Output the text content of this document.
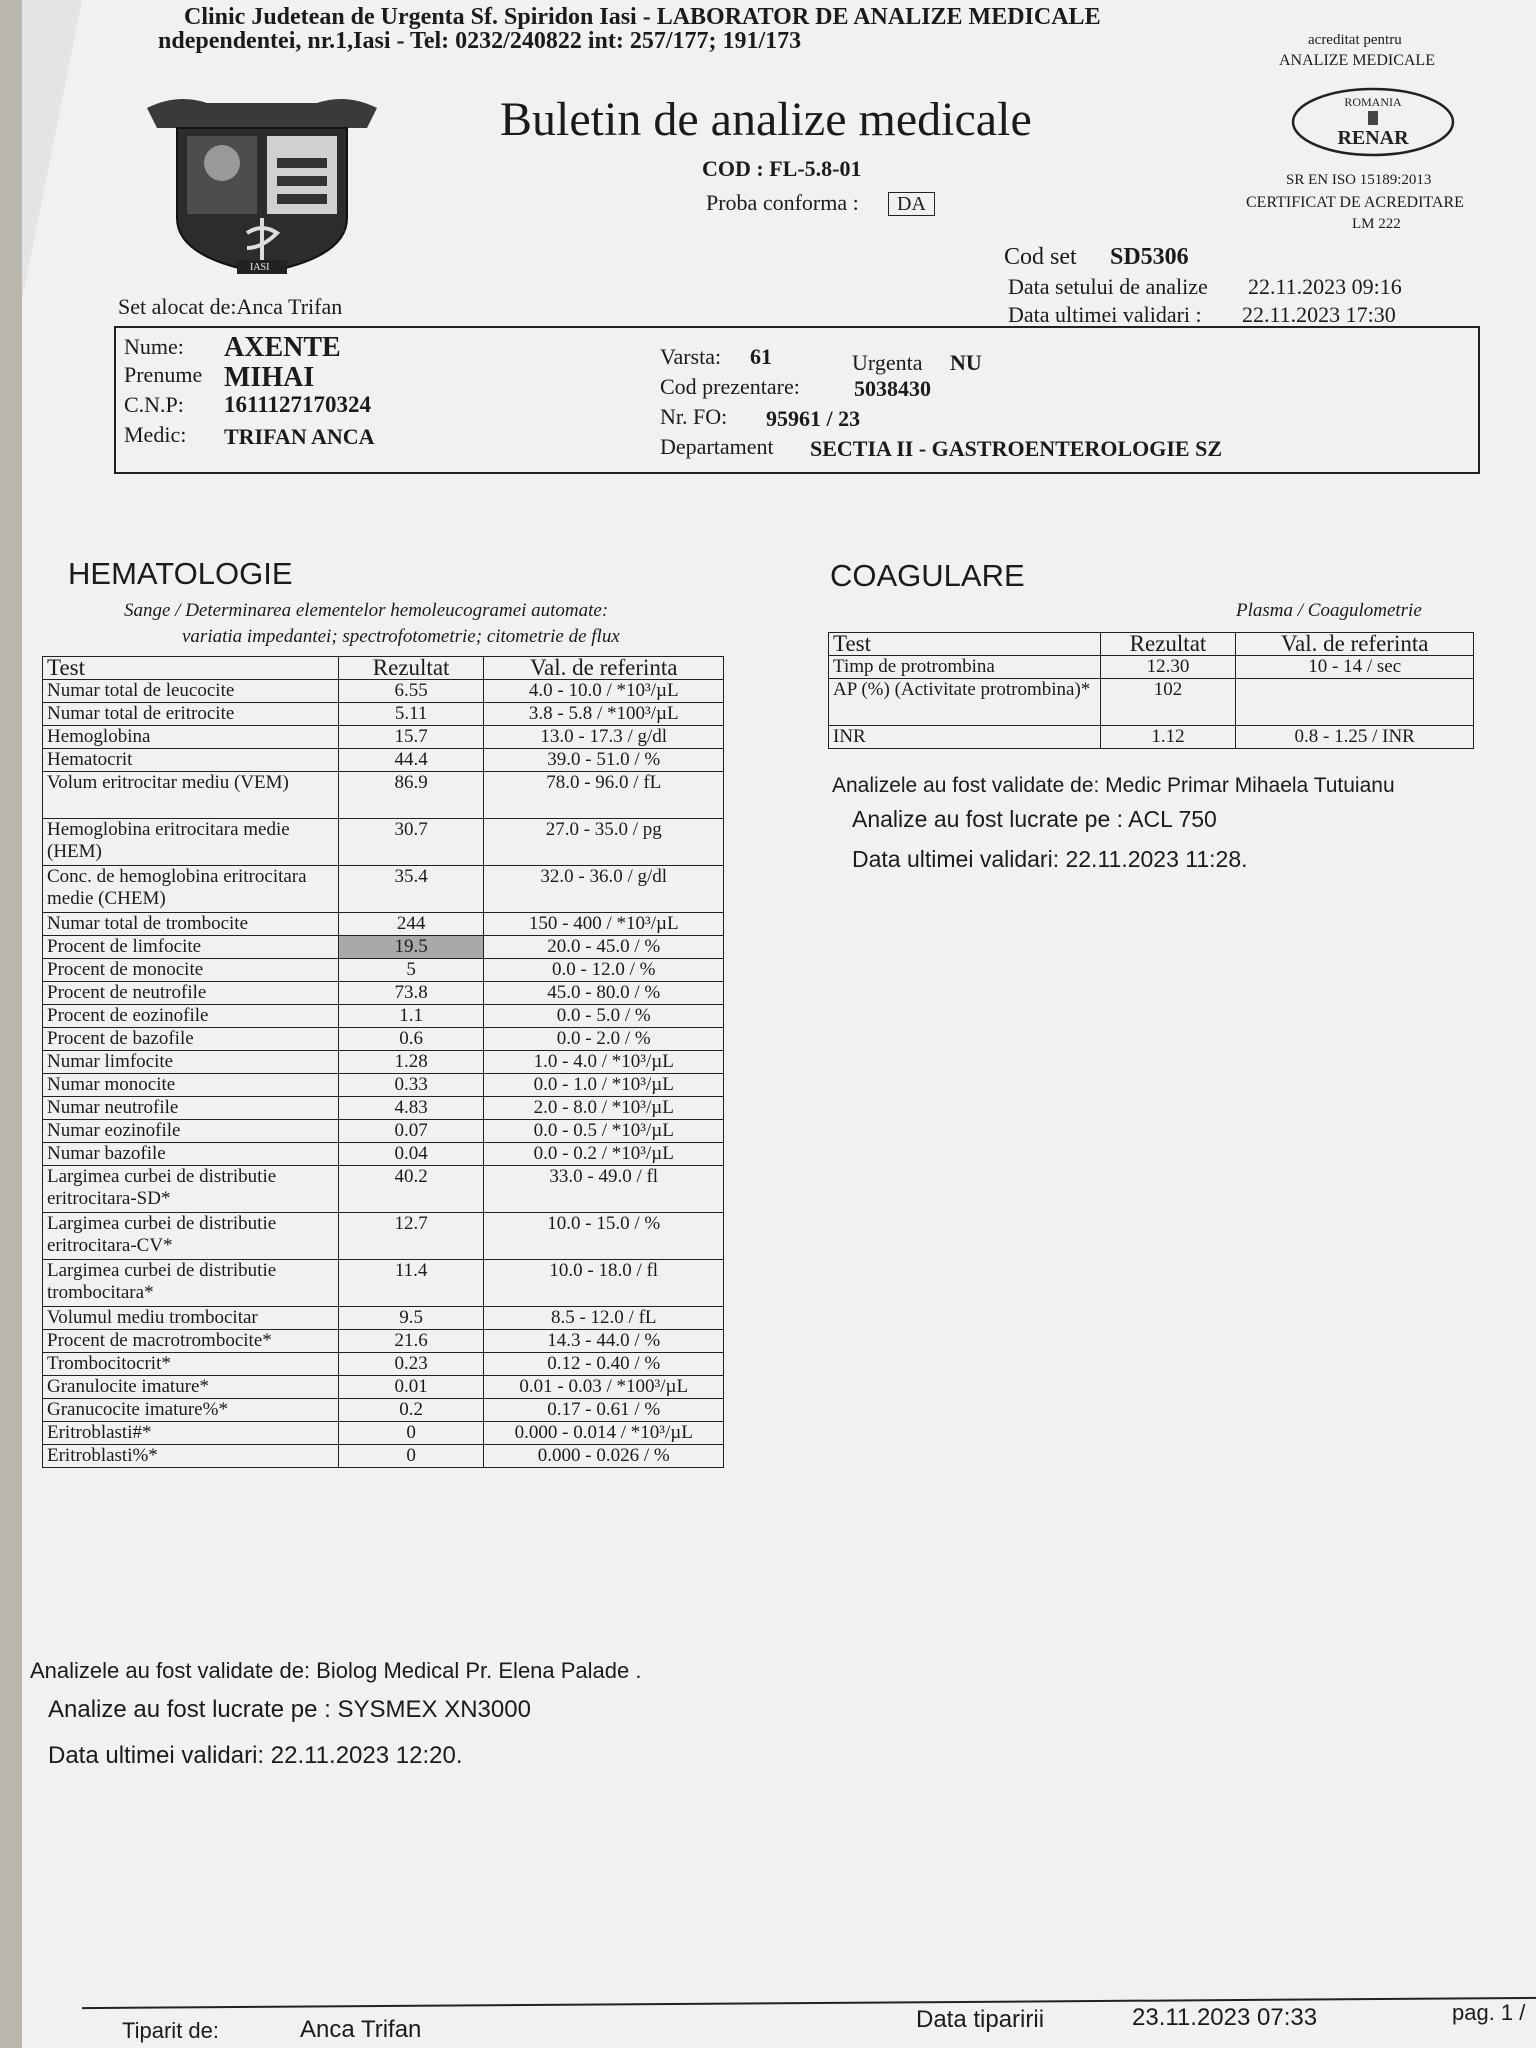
Clinic Judetean de Urgenta Sf. Spiridon Iasi - LABORATOR DE ANALIZE MEDICALE
ndependentei, nr.1,Iasi - Tel: 0232/240822 int: 257/177; 191/173
IASI
Buletin de analize medicale
COD : FL-5.8-01
Proba conforma :	DA
acreditat pentru
ANALIZE MEDICALE
ROMANIA
RENAR
SR EN ISO 15189:2013
CERTIFICAT DE ACREDITARE
LM 222
Set alocat de:Anca Trifan
Cod set SD5306
Data setului de analize 22.11.2023 09:16
Data ultimei validari : 22.11.2023 17:30
Nume: AXENTE
Prenume MIHAI
C.N.P: 1611127170324
Medic: TRIFAN ANCA
Varsta: 61	Urgenta NU
Cod prezentare: 5038430
Nr. FO: 95961 / 23
Departament SECTIA II - GASTROENTEROLOGIE SZ
HEMATOLOGIE
Sange / Determinarea elementelor hemoleucogramei automate:
variatia impedantei; spectrofotometrie; citometrie de flux
Test	Rezultat	Val. de referinta
Numar total de leucocite	6.55	4.0 - 10.0 / *10³/µL
Numar total de eritrocite	5.11	3.8 - 5.8 / *100³/µL
Hemoglobina	15.7	13.0 - 17.3 / g/dl
Hematocrit	44.4	39.0 - 51.0 / %
Volum eritrocitar mediu (VEM)	86.9	78.0 - 96.0 / fL
Hemoglobina eritrocitara medie (HEM)	30.7	27.0 - 35.0 / pg
Conc. de hemoglobina eritrocitara medie (CHEM)	35.4	32.0 - 36.0 / g/dl
Numar total de trombocite	244	150 - 400 / *10³/µL
Procent de limfocite	19.5	20.0 - 45.0 / %
Procent de monocite	5	0.0 - 12.0 / %
Procent de neutrofile	73.8	45.0 - 80.0 / %
Procent de eozinofile	1.1	0.0 - 5.0 / %
Procent de bazofile	0.6	0.0 - 2.0 / %
Numar limfocite	1.28	1.0 - 4.0 / *10³/µL
Numar monocite	0.33	0.0 - 1.0 / *10³/µL
Numar neutrofile	4.83	2.0 - 8.0 / *10³/µL
Numar eozinofile	0.07	0.0 - 0.5 / *10³/µL
Numar bazofile	0.04	0.0 - 0.2 / *10³/µL
Largimea curbei de distributie eritrocitara-SD*	40.2	33.0 - 49.0 / fl
Largimea curbei de distributie eritrocitara-CV*	12.7	10.0 - 15.0 / %
Largimea curbei de distributie trombocitara*	11.4	10.0 - 18.0 / fl
Volumul mediu trombocitar	9.5	8.5 - 12.0 / fL
Procent de macrotrombocite*	21.6	14.3 - 44.0 / %
Trombocitocrit*	0.23	0.12 - 0.40 / %
Granulocite imature*	0.01	0.01 - 0.03 / *100³/µL
Granucocite imature%*	0.2	0.17 - 0.61 / %
Eritroblasti#*	0	0.000 - 0.014 / *10³/µL
Eritroblasti%*	0	0.000 - 0.026 / %
Analizele au fost validate de: Biolog Medical Pr. Elena Palade .
Analize au fost lucrate pe : SYSMEX XN3000
Data ultimei validari: 22.11.2023 12:20.
COAGULARE
Plasma / Coagulometrie
Test	Rezultat	Val. de referinta
Timp de protrombina	12.30	10 - 14 / sec
AP (%) (Activitate protrombina)*	102	
INR	1.12	0.8 - 1.25 / INR
Analizele au fost validate de: Medic Primar Mihaela Tutuianu
Analize au fost lucrate pe : ACL 750
Data ultimei validari: 22.11.2023 11:28.
Tiparit de:	Anca Trifan	Data tiparirii	23.11.2023 07:33	pag. 1 /
